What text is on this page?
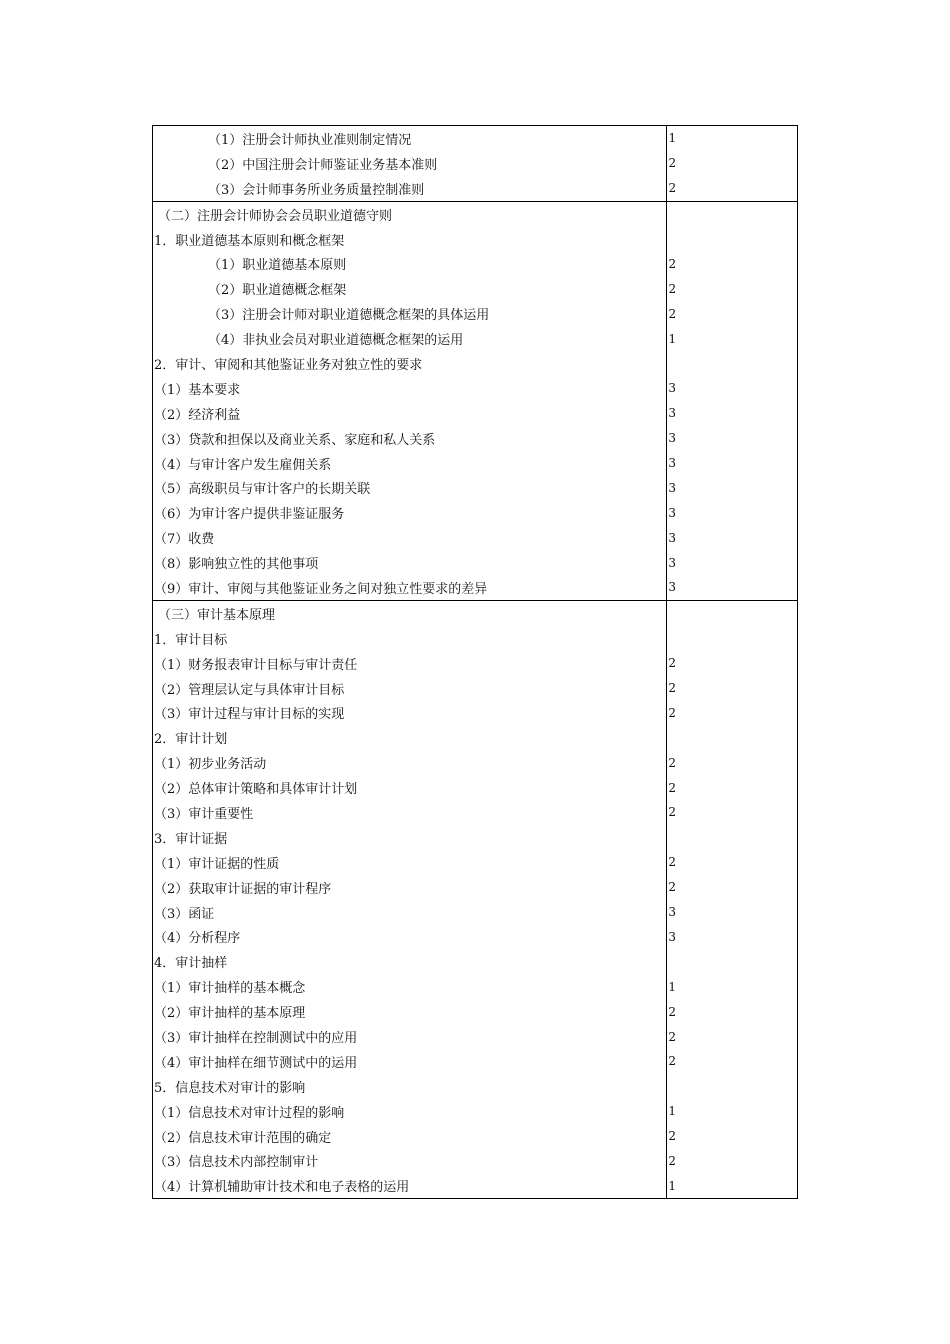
（1）注册会计师执业准则制定情况	1
（2）中国注册会计师鉴证业务基本准则	2
（3）会计师事务所业务质量控制准则	2
（二）注册会计师协会会员职业道德守则
1．职业道德基本原则和概念框架
（1）职业道德基本原则	2
（2）职业道德概念框架	2
（3）注册会计师对职业道德概念框架的具体运用	2
（4）非执业会员对职业道德概念框架的运用	1
2．审计、审阅和其他鉴证业务对独立性的要求
（1）基本要求	3
（2）经济利益	3
（3）贷款和担保以及商业关系、家庭和私人关系	3
（4）与审计客户发生雇佣关系	3
（5）高级职员与审计客户的长期关联	3
（6）为审计客户提供非鉴证服务	3
（7）收费	3
（8）影响独立性的其他事项	3
（9）审计、审阅与其他鉴证业务之间对独立性要求的差异	3
（三）审计基本原理
1．审计目标
（1）财务报表审计目标与审计责任	2
（2）管理层认定与具体审计目标	2
（3）审计过程与审计目标的实现	2
2．审计计划
（1）初步业务活动	2
（2）总体审计策略和具体审计计划	2
（3）审计重要性	2
3．审计证据
（1）审计证据的性质	2
（2）获取审计证据的审计程序	2
（3）函证	3
（4）分析程序	3
4．审计抽样
（1）审计抽样的基本概念	1
（2）审计抽样的基本原理	2
（3）审计抽样在控制测试中的应用	2
（4）审计抽样在细节测试中的运用	2
5．信息技术对审计的影响
（1）信息技术对审计过程的影响	1
（2）信息技术审计范围的确定	2
（3）信息技术内部控制审计	2
（4）计算机辅助审计技术和电子表格的运用	1
